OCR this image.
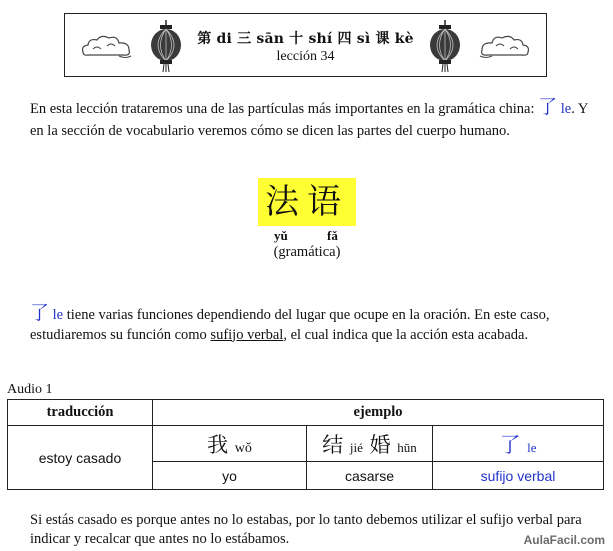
第 di 三 sān 十 shí 四 sì 课 kè
lección 34
En esta lección trataremos una de las partículas más importantes en la gramática china: 了 le. Y en la sección de vocabulario veremos cómo se dicen las partes del cuerpo humano.
法语
yǔ	fǎ
(gramática)
了 le tiene varias funciones dependiendo del lugar que ocupe en la oración. En este caso, estudiaremos su función como sufijo verbal, el cual indica que la acción esta acabada.
Audio 1
traducción	ejemplo		
estoy casado	我 wǒ	结 jié 婚 hūn	了 le
	yo	casarse	sufijo verbal
Si estás casado es porque antes no lo estabas, por lo tanto debemos utilizar el sufijo verbal para indicar y recalcar que antes no lo estábamos.	AulaFacil.com
